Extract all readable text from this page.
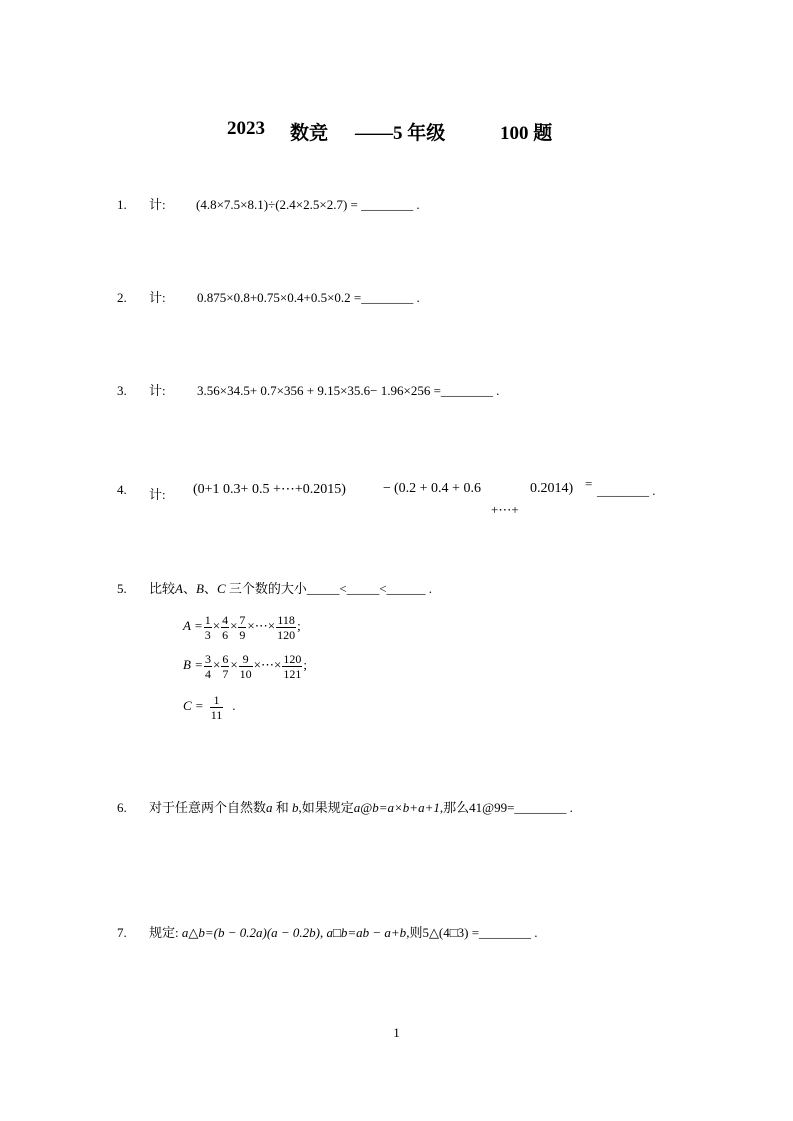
2023 数竞 ——5 年级	100 题
1. 计: (4.8×7.5×8.1)÷(2.4×2.5×2.7) = ________ .
2. 计: 0.875×0.8+0.75×0.4+0.5×0.2 =________ .
3. 计: 3.56×34.5+ 0.7×356 + 9.15×35.6− 1.96×256 =________ .
4. 计: (0+1 0.3+ 0.5 +⋯+0.2015)	− (0.2 + 0.4 + 0.6	0.2014) = ________ .
+⋯+
5. 比较A、B、C 三个数的大小_____<_____<______ .
$A = \frac{1}{3} \times \frac{4}{6} \times \frac{7}{9}$ ×⋯× $\frac{118}{120}$ ;
$B = \frac{3}{4} \times \frac{6}{7} \times \frac{9}{10}$ ×⋯× $\frac{120}{121}$ ;
$C = \frac{1}{11}$ .
6. 对于任意两个自然数a 和 b,如果规定a@b=a×b+a+1,那么41@99=________ .
7. 规定: a△b=(b − 0.2a)(a − 0.2b), a□b=ab − a+b,则5△(4□3) =________ .
1
